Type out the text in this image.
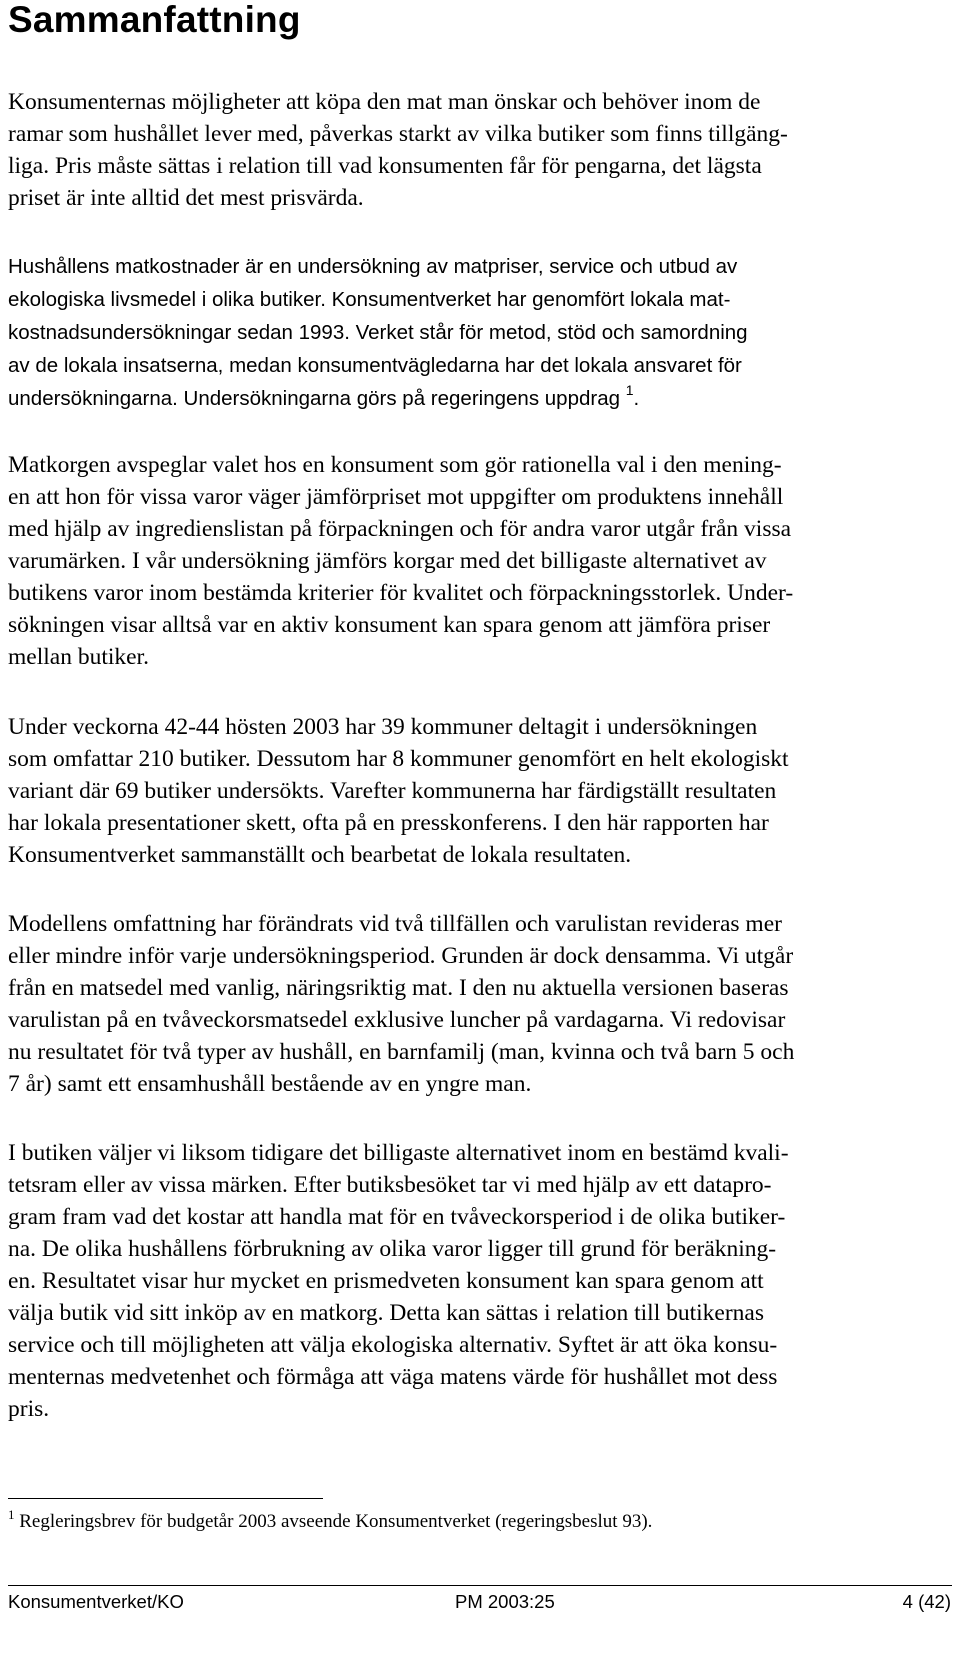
Sammanfattning

Konsumenternas möjligheter att köpa den mat man önskar och behöver inom de
ramar som hushållet lever med, påverkas starkt av vilka butiker som finns tillgäng-
liga. Pris måste sättas i relation till vad konsumenten får för pengarna, det lägsta
priset är inte alltid det mest prisvärda.

Hushållens matkostnader är en undersökning av matpriser, service och utbud av
ekologiska livsmedel i olika butiker. Konsumentverket har genomfört lokala mat-
kostnadsundersökningar sedan 1993. Verket står för metod, stöd och samordning
av de lokala insatserna, medan konsumentvägledarna har det lokala ansvaret för
undersökningarna. Undersökningarna görs på regeringens uppdrag $^1$.

Matkorgen avspeglar valet hos en konsument som gör rationella val i den mening-
en att hon för vissa varor väger jämförpriset mot uppgifter om produktens innehåll
med hjälp av ingredienslistan på förpackningen och för andra varor utgår från vissa
varumärken. I vår undersökning jämförs korgar med det billigaste alternativet av
butikens varor inom bestämda kriterier för kvalitet och förpackningsstorlek. Under-
sökningen visar alltså var en aktiv konsument kan spara genom att jämföra priser
mellan butiker.

Under veckorna 42-44 hösten 2003 har 39 kommuner deltagit i undersökningen
som omfattar 210 butiker. Dessutom har 8 kommuner genomfört en helt ekologiskt
variant där 69 butiker undersökts. Varefter kommunerna har färdigställt resultaten
har lokala presentationer skett, ofta på en presskonferens. I den här rapporten har
Konsumentverket sammanställt och bearbetat de lokala resultaten.

Modellens omfattning har förändrats vid två tillfällen och varulistan revideras mer
eller mindre inför varje undersökningsperiod. Grunden är dock densamma. Vi utgår
från en matsedel med vanlig, näringsriktig mat. I den nu aktuella versionen baseras
varulistan på en tvåveckorsmatsedel exklusive luncher på vardagarna. Vi redovisar
nu resultatet för två typer av hushåll, en barnfamilj (man, kvinna och två barn 5 och
7 år) samt ett ensamhushåll bestående av en yngre man.

I butiken väljer vi liksom tidigare det billigaste alternativet inom en bestämd kvali-
tetsram eller av vissa märken. Efter butiksbesöket tar vi med hjälp av ett datapro-
gram fram vad det kostar att handla mat för en tvåveckorsperiod i de olika butiker-
na. De olika hushållens förbrukning av olika varor ligger till grund för beräkning-
en. Resultatet visar hur mycket en prismedveten konsument kan spara genom att
välja butik vid sitt inköp av en matkorg. Detta kan sättas i relation till butikernas
service och till möjligheten att välja ekologiska alternativ. Syftet är att öka konsu-
menternas medvetenhet och förmåga att väga matens värde för hushållet mot dess
pris.

$^1$ Regleringsbrev för budgetår 2003 avseende Konsumentverket (regeringsbeslut 93).

Konsumentverket/KO	PM 2003:25	4 (42)
